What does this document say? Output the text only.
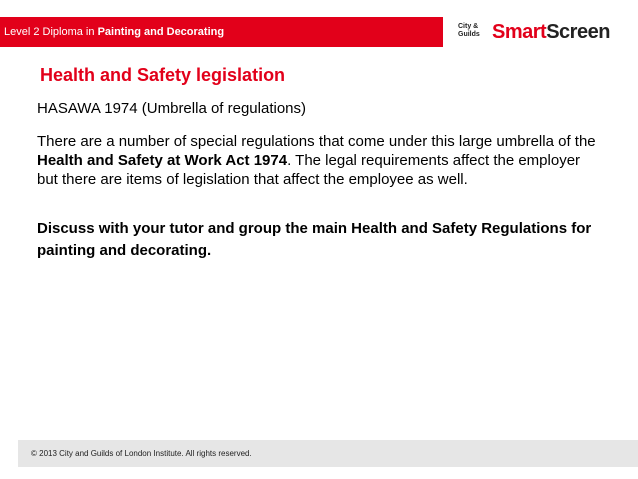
Level 2 Diploma in Painting and Decorating	City &
Guilds SmartScreen
Health and Safety legislation

HASAWA 1974 (Umbrella of regulations)

There are a number of special regulations that come under this large umbrella of the Health and Safety at Work Act 1974. The legal requirements affect the employer but there are items of legislation that affect the employee as well.

Discuss with your tutor and group the main Health and Safety Regulations for painting and decorating.

© 2013 City and Guilds of London Institute. All rights reserved.
